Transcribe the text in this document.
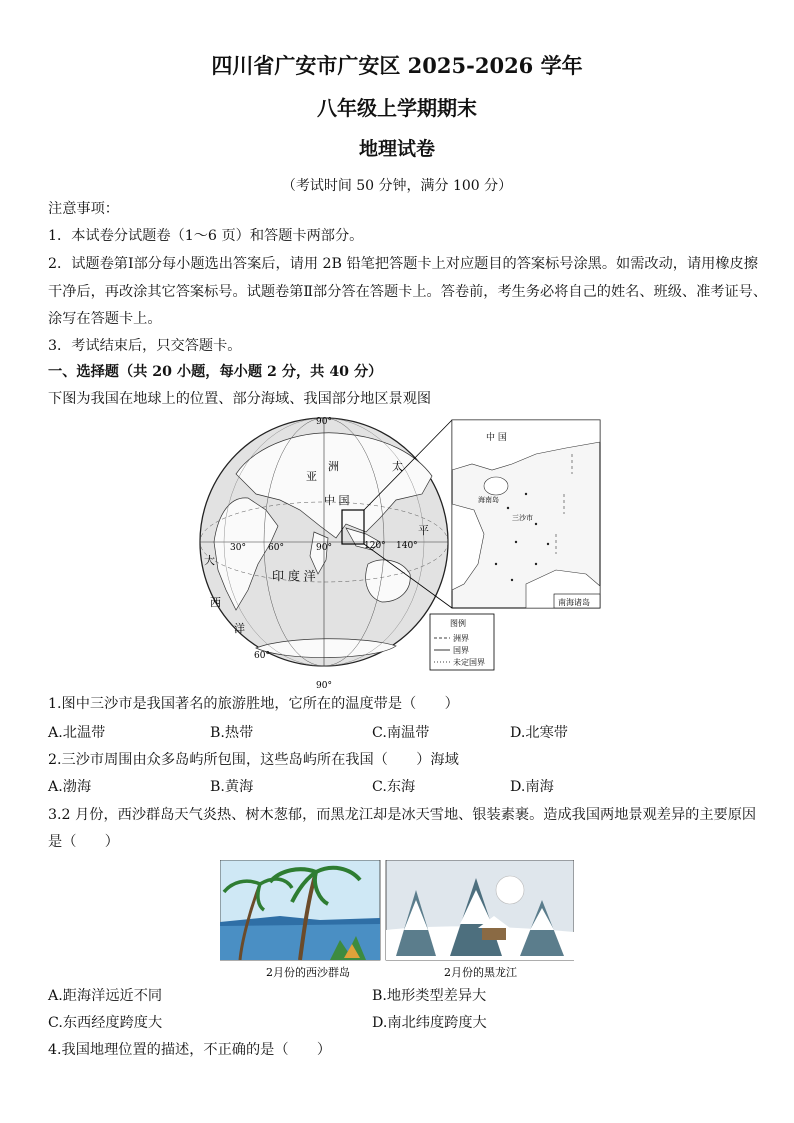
四川省广安市广安区 2025-2026 学年
八年级上学期期末
地理试卷
（考试时间 50 分钟，满分 100 分）
注意事项：
1．本试卷分试题卷（1～6 页）和答题卡两部分。
2．试题卷第Ⅰ部分每小题选出答案后，请用 2B 铅笔把答题卡上对应题目的答案标号涂黑。如需改动，请用橡皮擦
干净后，再改涂其它答案标号。试题卷第Ⅱ部分答在答题卡上。答卷前，考生务必将自己的姓名、班级、准考证号、
涂写在答题卡上。
3．考试结束后，只交答题卡。
一、选择题（共 20 小题，每小题 2 分，共 40 分）
下图为我国在地球上的位置、部分海域、我国部分地区景观图
90°
90°
60°
30° 60°	90°	120° 140°
亚
洲
中 国
印 度 洋
太
平
大
西
洋
中 国
海南岛
三沙市
南海诸岛
图例
洲界
国界
未定国界
1.图中三沙市是我国著名的旅游胜地，它所在的温度带是（　　）
A.北温带	B.热带	C.南温带	D.北寒带
2.三沙市周围由众多岛屿所包围，这些岛屿所在我国（　　）海域
A.渤海	B.黄海	C.东海	D.南海
3.2 月份，西沙群岛天气炎热、树木葱郁，而黑龙江却是冰天雪地、银装素裹。造成我国两地景观差异的主要原因
是（　　）
2月份的西沙群岛	2月份的黑龙江
A.距海洋远近不同	B.地形类型差异大
C.东西经度跨度大	D.南北纬度跨度大
4.我国地理位置的描述，不正确的是（　　）
